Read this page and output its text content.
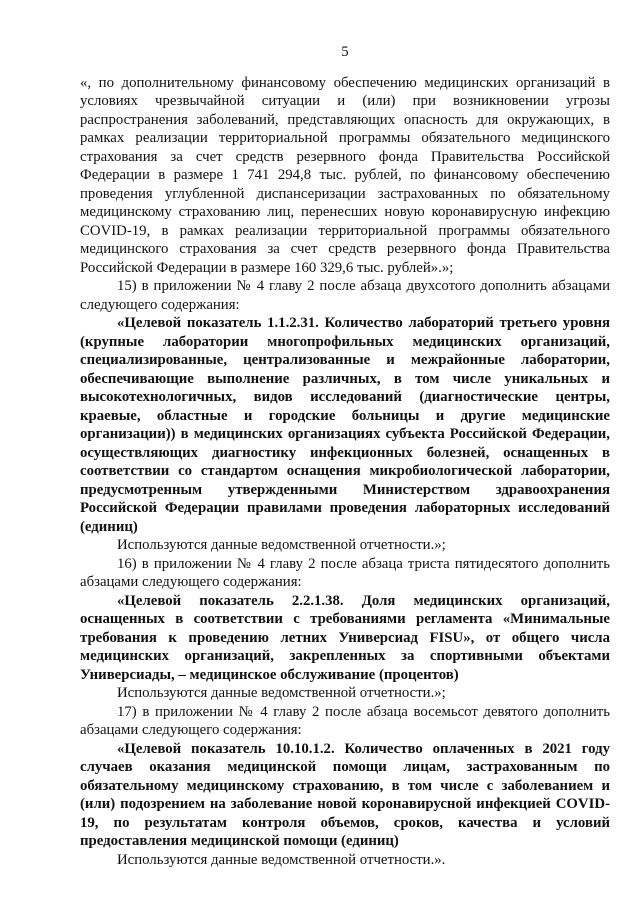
5

«, по дополнительному финансовому обеспечению медицинских организаций в условиях чрезвычайной ситуации и (или) при возникновении угрозы распространения заболеваний, представляющих опасность для окружающих, в рамках реализации территориальной программы обязательного медицинского страхования за счет средств резервного фонда Правительства Российской Федерации в размере 1 741 294,8 тыс. рублей, по финансовому обеспечению проведения углубленной диспансеризации застрахованных по обязательному медицинскому страхованию лиц, перенесших новую коронавирусную инфекцию COVID-19, в рамках реализации территориальной программы обязательного медицинского страхования за счет средств резервного фонда Правительства Российской Федерации в размере 160 329,6 тыс. рублей».»;

15) в приложении № 4 главу 2 после абзаца двухсотого дополнить абзацами следующего содержания:

«Целевой показатель 1.1.2.31. Количество лабораторий третьего уровня (крупные лаборатории многопрофильных медицинских организаций, специализированные, централизованные и межрайонные лаборатории, обеспечивающие выполнение различных, в том числе уникальных и высокотехнологичных, видов исследований (диагностические центры, краевые, областные и городские больницы и другие медицинские организации)) в медицинских организациях субъекта Российской Федерации, осуществляющих диагностику инфекционных болезней, оснащенных в соответствии со стандартом оснащения микробиологической лаборатории, предусмотренным утвержденными Министерством здравоохранения Российской Федерации правилами проведения лабораторных исследований (единиц)

Используются данные ведомственной отчетности.»;

16) в приложении № 4 главу 2 после абзаца триста пятидесятого дополнить абзацами следующего содержания:

«Целевой показатель 2.2.1.38. Доля медицинских организаций, оснащенных в соответствии с требованиями регламента «Минимальные требования к проведению летних Универсиад FISU», от общего числа медицинских организаций, закрепленных за спортивными объектами Универсиады, – медицинское обслуживание (процентов)

Используются данные ведомственной отчетности.»;

17) в приложении № 4 главу 2 после абзаца восемьсот девятого дополнить абзацами следующего содержания:

«Целевой показатель 10.10.1.2. Количество оплаченных в 2021 году случаев оказания медицинской помощи лицам, застрахованным по обязательному медицинскому страхованию, в том числе с заболеванием и (или) подозрением на заболевание новой коронавирусной инфекцией COVID-19, по результатам контроля объемов, сроков, качества и условий предоставления медицинской помощи (единиц)

Используются данные ведомственной отчетности.».
